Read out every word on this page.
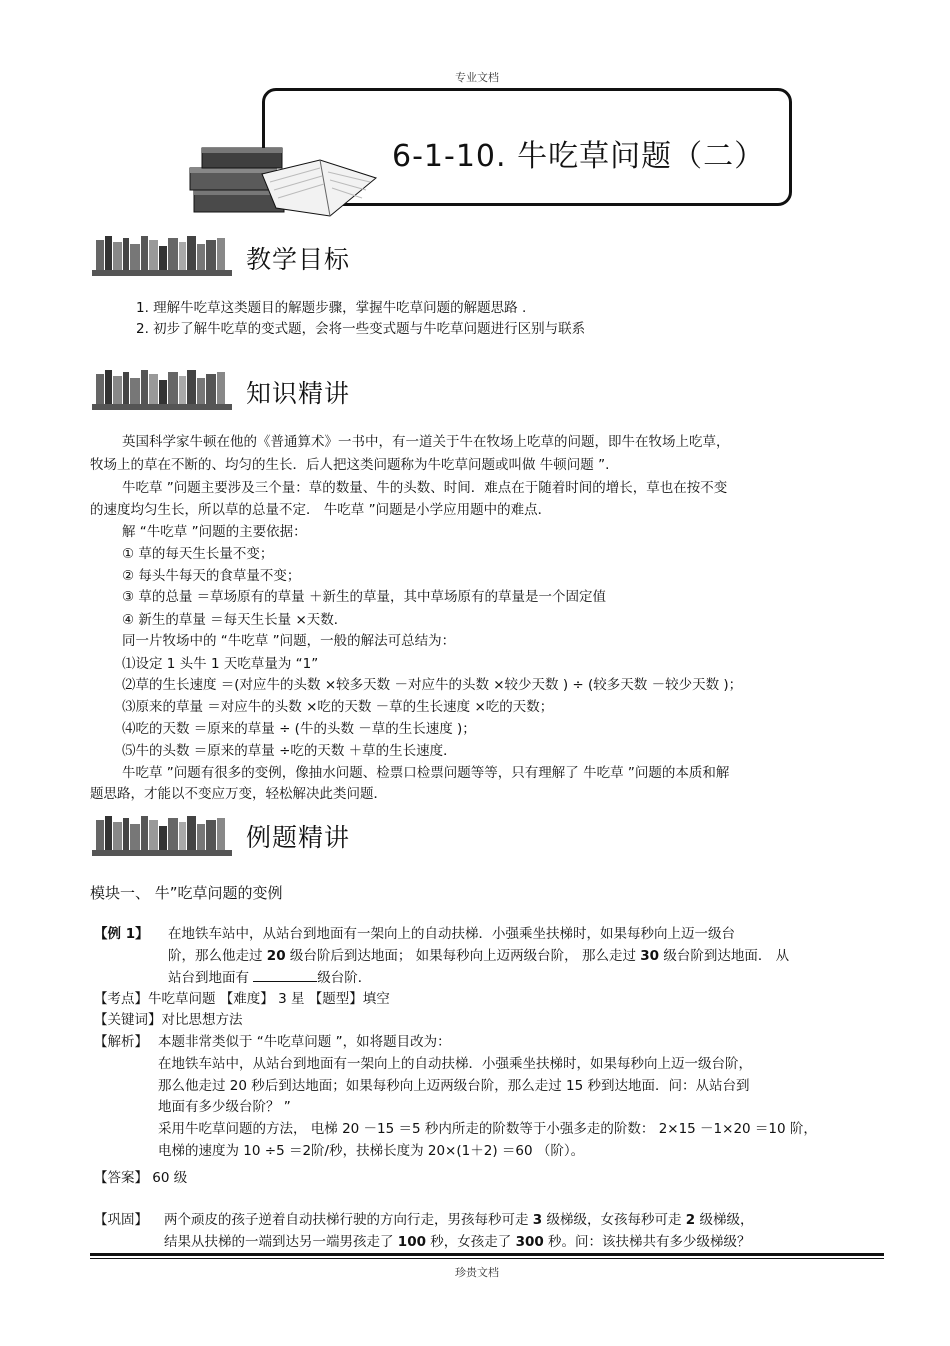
专业文档
珍贵文档
6-1-10. 牛吃草问题（二）
教学目标
1. 理解牛吃草这类题目的解题步骤，掌握牛吃草问题的解题思路 .
2. 初步了解牛吃草的变式题，会将一些变式题与牛吃草问题进行区别与联系
知识精讲
英国科学家牛顿在他的《普通算术》一书中，有一道关于牛在牧场上吃草的问题，即牛在牧场上吃草，
牧场上的草在不断的、均匀的生长．后人把这类问题称为牛吃草问题或叫做 牛顿问题 ”.
牛吃草 ”问题主要涉及三个量：草的数量、牛的头数、时间．难点在于随着时间的增长，草也在按不变
的速度均匀生长，所以草的总量不定． 牛吃草 ”问题是小学应用题中的难点．
解 “牛吃草 ”问题的主要依据：
① 草的每天生长量不变；
② 每头牛每天的食草量不变；
③ 草的总量 ＝草场原有的草量 ＋新生的草量，其中草场原有的草量是一个固定值
④ 新生的草量 ＝每天生长量 ×天数．
同一片牧场中的 “牛吃草 ”问题，一般的解法可总结为：
⑴设定 1 头牛 1 天吃草量为 “1”
⑵草的生长速度 ＝(对应牛的头数 ×较多天数 －对应牛的头数 ×较少天数 ) ÷ (较多天数 －较少天数 )；
⑶原来的草量 ＝对应牛的头数 ×吃的天数 －草的生长速度 ×吃的天数；
⑷吃的天数 ＝原来的草量 ÷ (牛的头数 －草的生长速度 )；
⑸牛的头数 ＝原来的草量 ÷吃的天数 ＋草的生长速度．
牛吃草 ”问题有很多的变例，像抽水问题、检票口检票问题等等，只有理解了 牛吃草 ”问题的本质和解
题思路，才能以不变应万变，轻松解决此类问题．
例题精讲
模块一、 牛”吃草问题的变例
【例 1】 在地铁车站中，从站台到地面有一架向上的自动扶梯．小强乘坐扶梯时，如果每秒向上迈一级台
阶，那么他走过 20 级台阶后到达地面； 如果每秒向上迈两级台阶， 那么走过 30 级台阶到达地面． 从
站台到地面有	级台阶．
【考点】牛吃草问题 【难度】 3 星 【题型】填空
【关键词】对比思想方法
【解析】 本题非常类似于 “牛吃草问题 ”，如将题目改为：
在地铁车站中，从站台到地面有一架向上的自动扶梯．小强乘坐扶梯时，如果每秒向上迈一级台阶，
那么他走过 20 秒后到达地面；如果每秒向上迈两级台阶，那么走过 15 秒到达地面．问：从站台到
地面有多少级台阶？ ”
采用牛吃草问题的方法， 电梯 20 －15 ＝5 秒内所走的阶数等于小强多走的阶数： 2×15 －1×20 ＝10 阶，
电梯的速度为 10 ÷5 ＝2阶/秒，扶梯长度为 20×(1＋2) ＝60 （阶）。
【答案】 60 级
【巩固】 两个顽皮的孩子逆着自动扶梯行驶的方向行走，男孩每秒可走 3 级梯级，女孩每秒可走 2 级梯级，
结果从扶梯的一端到达另一端男孩走了 100 秒，女孩走了 300 秒。问：该扶梯共有多少级梯级？
